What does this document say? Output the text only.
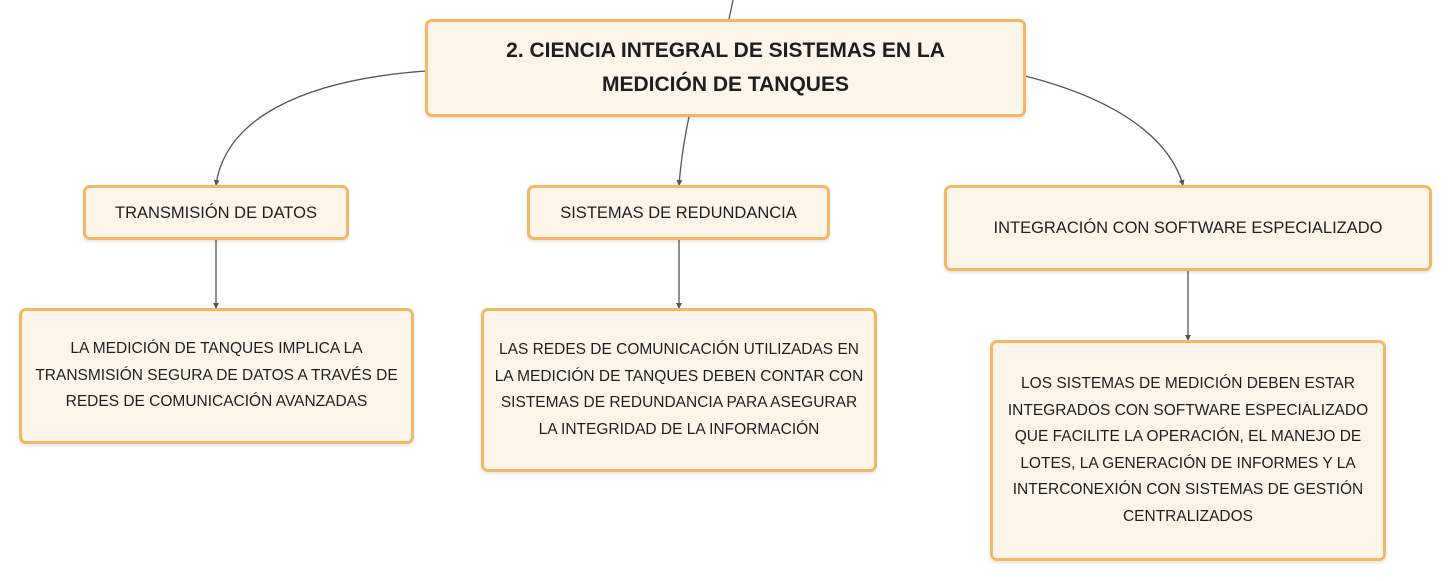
2. CIENCIA INTEGRAL DE SISTEMAS EN LA MEDICIÓN DE TANQUES
TRANSMISIÓN DE DATOS	SISTEMAS DE REDUNDANCIA
INTEGRACIÓN CON SOFTWARE ESPECIALIZADO
LA MEDICIÓN DE TANQUES IMPLICA LA TRANSMISIÓN SEGURA DE DATOS A TRAVÉS DE REDES DE COMUNICACIÓN AVANZADAS
LAS REDES DE COMUNICACIÓN UTILIZADAS EN LA MEDICIÓN DE TANQUES DEBEN CONTAR CON SISTEMAS DE REDUNDANCIA PARA ASEGURAR LA INTEGRIDAD DE LA INFORMACIÓN
LOS SISTEMAS DE MEDICIÓN DEBEN ESTAR INTEGRADOS CON SOFTWARE ESPECIALIZADO QUE FACILITE LA OPERACIÓN, EL MANEJO DE LOTES, LA GENERACIÓN DE INFORMES Y LA INTERCONEXIÓN CON SISTEMAS DE GESTIÓN CENTRALIZADOS
